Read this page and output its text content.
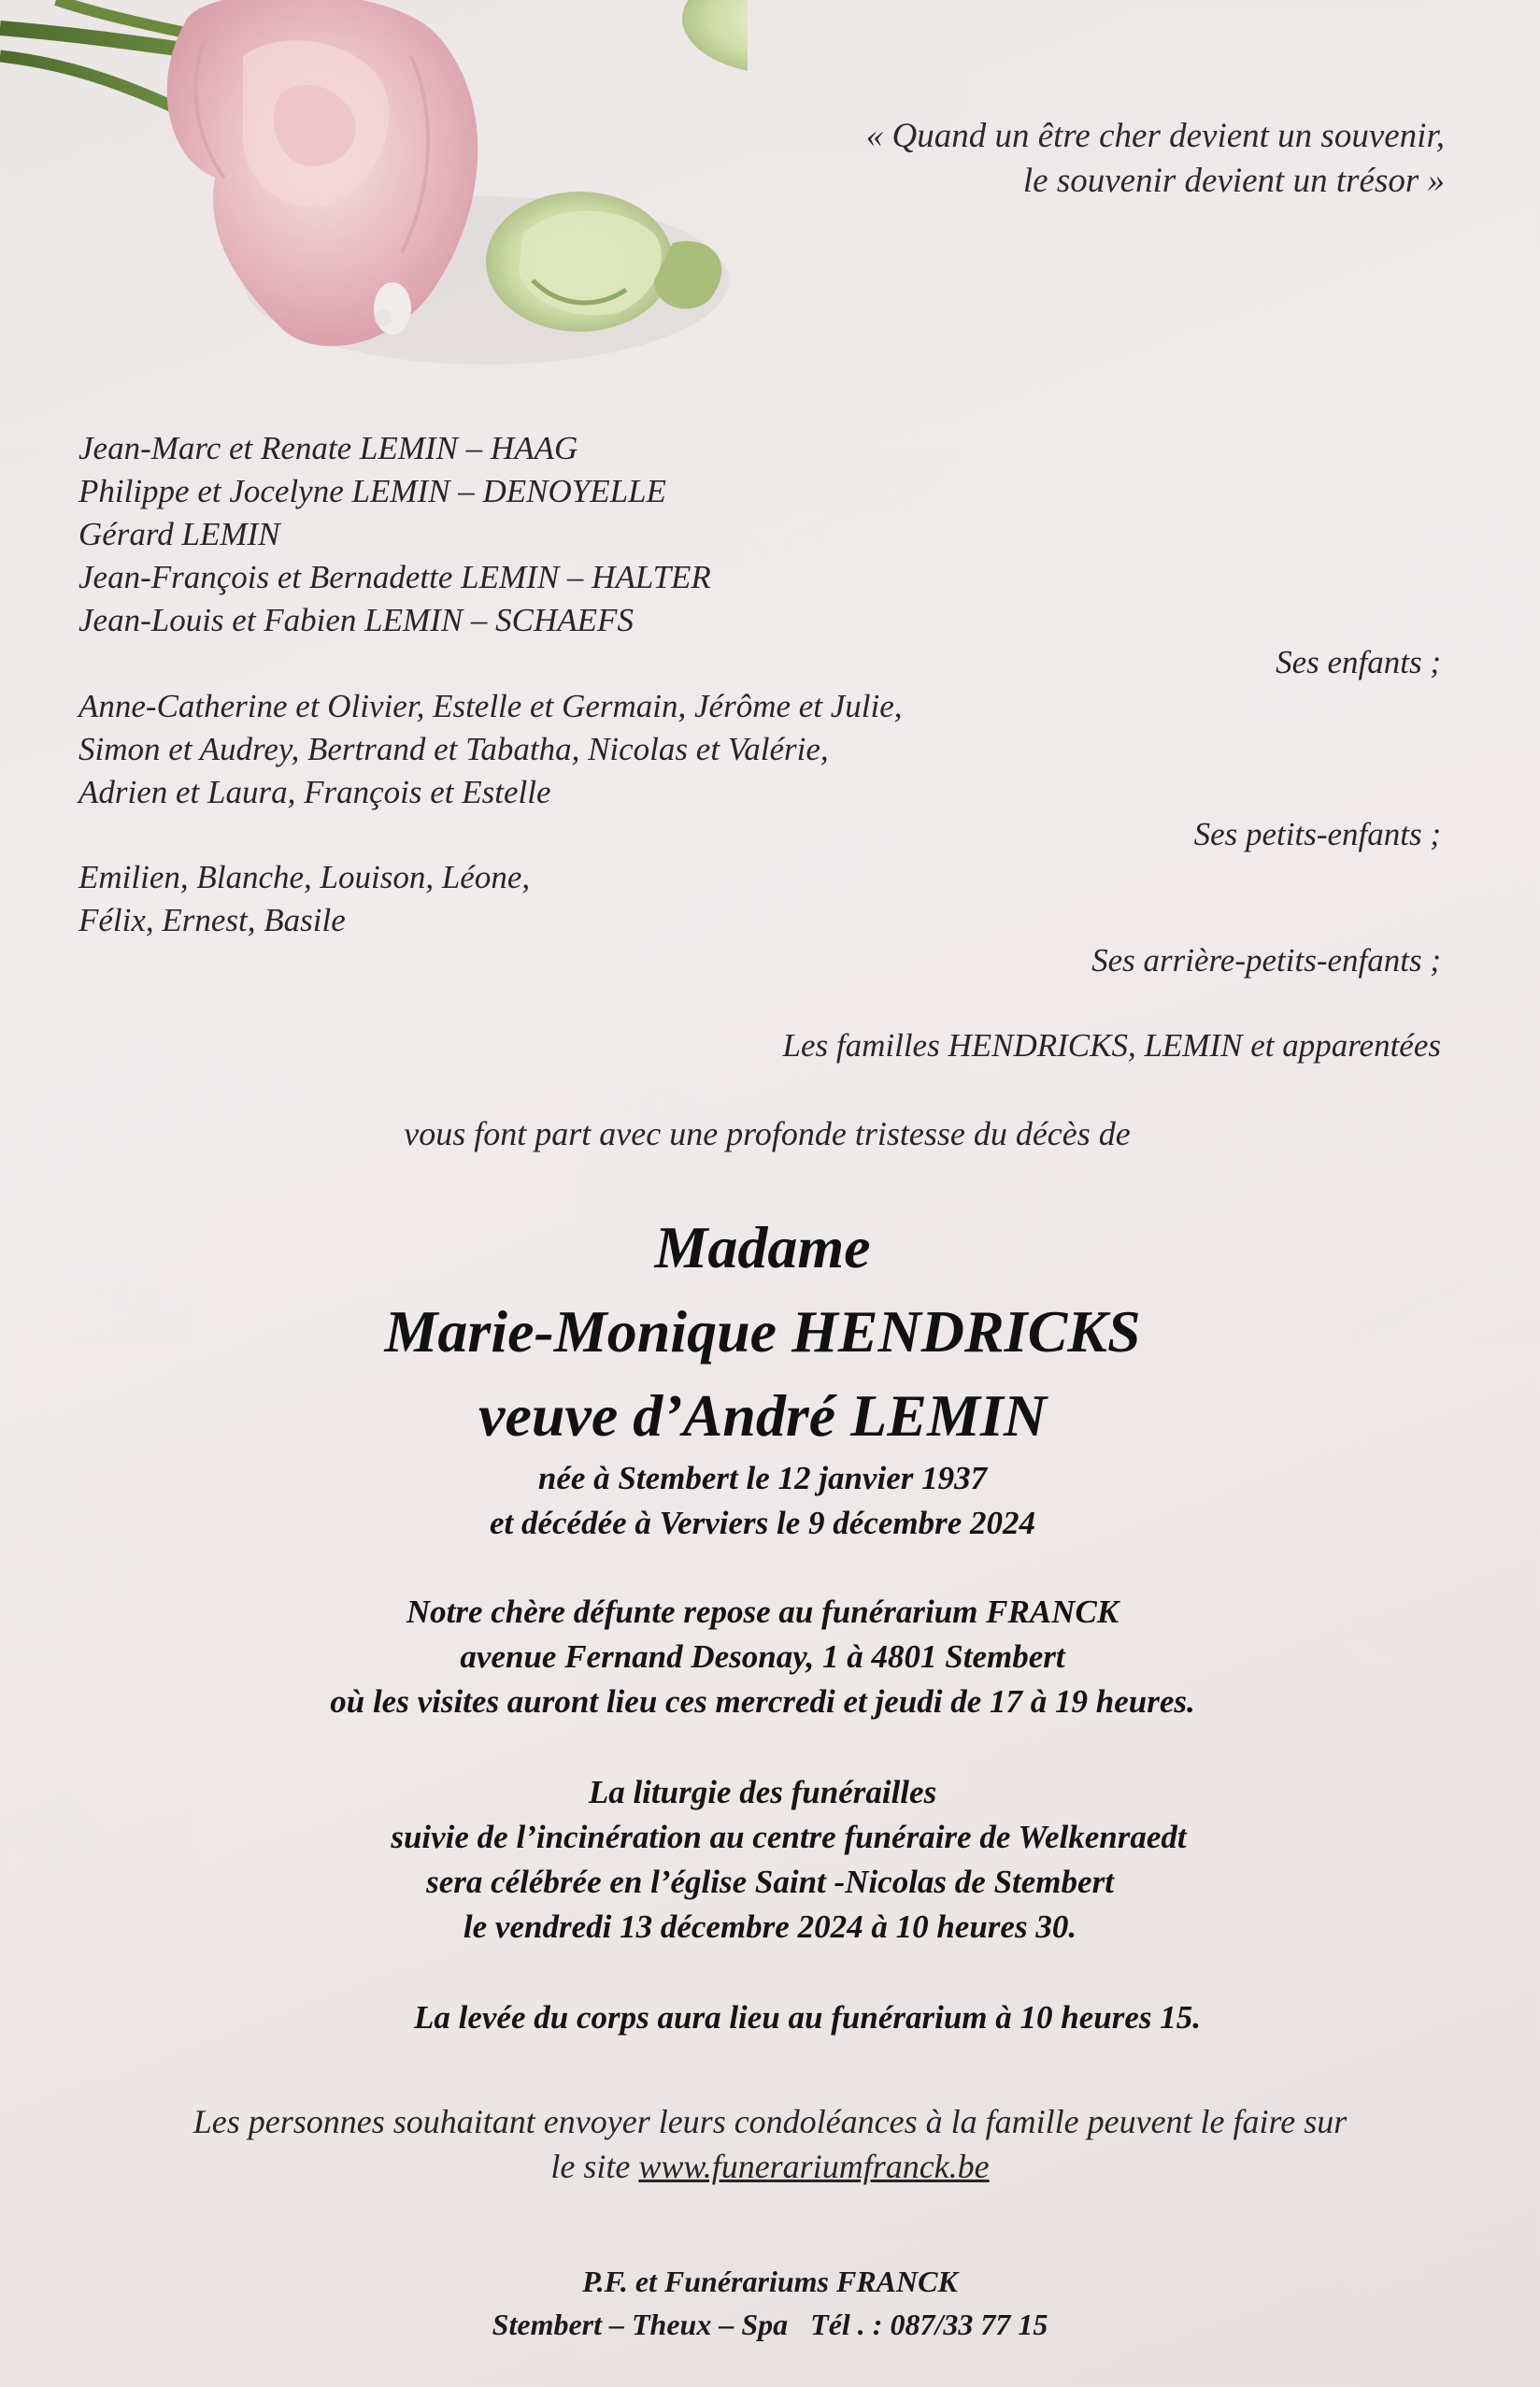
« Quand un être cher devient un souvenir,
le souvenir devient un trésor »
Jean-Marc et Renate LEMIN – HAAG
Philippe et Jocelyne LEMIN – DENOYELLE
Gérard LEMIN
Jean-François et Bernadette LEMIN – HALTER
Jean-Louis et Fabien LEMIN – SCHAEFS
Ses enfants ;
Anne-Catherine et Olivier, Estelle et Germain, Jérôme et Julie,
Simon et Audrey, Bertrand et Tabatha, Nicolas et Valérie,
Adrien et Laura, François et Estelle
Ses petits-enfants ;
Emilien, Blanche, Louison, Léone,
Félix, Ernest, Basile
Ses arrière-petits-enfants ;
Les familles HENDRICKS, LEMIN et apparentées
vous font part avec une profonde tristesse du décès de
Madame
Marie-Monique HENDRICKS
veuve d’André LEMIN
née à Stembert le 12 janvier 1937
et décédée à Verviers le 9 décembre 2024
Notre chère défunte repose au funérarium FRANCK
avenue Fernand Desonay, 1 à 4801 Stembert
où les visites auront lieu ces mercredi et jeudi de 17 à 19 heures.
La liturgie des funérailles
suivie de l’incinération au centre funéraire de Welkenraedt
sera célébrée en l’église Saint -Nicolas de Stembert
le vendredi 13 décembre 2024 à 10 heures 30.
La levée du corps aura lieu au funérarium à 10 heures 15.
Les personnes souhaitant envoyer leurs condoléances à la famille peuvent le faire sur
le site www.funerariumfranck.be
P.F. et Funérariums FRANCK
Stembert – Theux – Spa Tél . : 087/33 77 15
